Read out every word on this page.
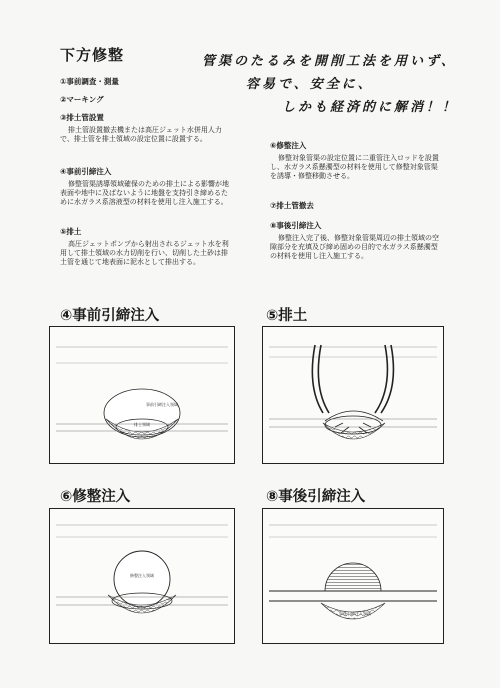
下方修整	管渠のたるみを開削工法を用いず、
容易で、安全に、
しかも経済的に解消！！
①事前調査・測量
②マーキング
③排土管設置
排土管設置撤去機または高圧ジェット水併用人力で、排土管を排土領域の設定位置に設置する。
④事前引締注入
修整管渠誘導領域確保のための排土による影響が地表面や地中に及ばないように地盤を支持引き締めるために水ガラス系溶液型の材料を使用し注入施工する。
⑤排土
高圧ジェットポンプから射出されるジェット水を利用して排土領域の水力切削を行い、切削した土砂は排土管を通じて地表面に泥水として排出する。
⑥修整注入
修整対象管渠の設定位置に二重管注入ロッドを設置し、水ガラス系懸濁型の材料を使用して修整対象管渠を誘導・修整移動させる。
⑦排土管撤去
⑧事後引締注入
修整注入完了後、修整対象管渠周辺の排土領域の空隙部分を充填及び締め固めの目的で水ガラス系懸濁型の材料を使用し注入施工する。
④事前引締注入	⑤排土
⑥修整注入	⑧事後引締注入
事前引締注入領域
排土領域
修整注入領域
事後引締注入領域
